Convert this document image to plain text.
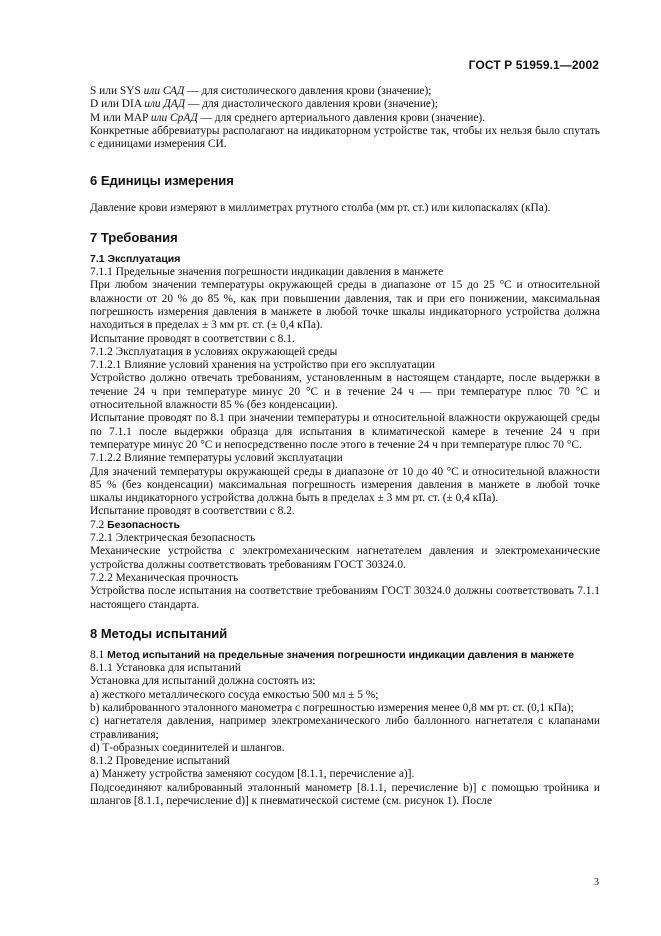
ГОСТ Р 51959.1—2002

S или SYS или САД — для систолического давления крови (значение);

D или DIA или ДАД — для диастолического давления крови (значение);

M или MAP или СрАД — для среднего артериального давления крови (значение).

Конкретные аббревиатуры располагают на индикаторном устройстве так, чтобы их нельзя было спутать с единицами измерения СИ.

6 Единицы измерения

Давление крови измеряют в миллиметрах ртутного столба (мм рт. ст.) или килопаскалях (кПа).

7 Требования

7.1 Эксплуатация

7.1.1 Предельные значения погрешности индикации давления в манжете

При любом значении температуры окружающей среды в диапазоне от 15 до 25 °С и относительной влажности от 20 % до 85 %, как при повышении давления, так и при его понижении, максимальная погрешность измерения давления в манжете в любой точке шкалы индикаторного устройства должна находиться в пределах ± 3 мм рт. ст. (± 0,4 кПа).

Испытание проводят в соответствии с 8.1.

7.1.2 Эксплуатация в условиях окружающей среды

7.1.2.1 Влияние условий хранения на устройство при его эксплуатации

Устройство должно отвечать требованиям, установленным в настоящем стандарте, после выдержки в течение 24 ч при температуре минус 20 °С и в течение 24 ч — при температуре плюс 70 °С и относительной влажности 85 % (без конденсации).

Испытание проводят по 8.1 при значении температуры и относительной влажности окружающей среды по 7.1.1 после выдержки образца для испытания в климатической камере в течение 24 ч при температуре минус 20 °С и непосредственно после этого в течение 24 ч при температуре плюс 70 °С.

7.1.2.2 Влияние температуры условий эксплуатации

Для значений температуры окружающей среды в диапазоне от 10 до 40 °С и относительной влажности 85 % (без конденсации) максимальная погрешность измерения давления в манжете в любой точке шкалы индикаторного устройства должна быть в пределах ± 3 мм рт. ст. (± 0,4 кПа).

Испытание проводят в соответствии с 8.2.

7.2 Безопасность

7.2.1 Электрическая безопасность

Механические устройства с электромеханическим нагнетателем давления и электромеханические устройства должны соответствовать требованиям ГОСТ 30324.0.

7.2.2 Механическая прочность

Устройства после испытания на соответствие требованиям ГОСТ 30324.0 должны соответствовать 7.1.1 настоящего стандарта.

8 Методы испытаний

8.1 Метод испытаний на предельные значения погрешности индикации давления в манжете

8.1.1 Установка для испытаний

Установка для испытаний должна состоять из:

a) жесткого металлического сосуда емкостью 500 мл ± 5 %;

b) калиброванного эталонного манометра с погрешностью измерения менее 0,8 мм рт. ст. (0,1 кПа);

c) нагнетателя давления, например электромеханического либо баллонного нагнетателя с клапанами стравливания;

d) Т-образных соединителей и шлангов.

8.1.2 Проведение испытаний

a) Манжету устройства заменяют сосудом [8.1.1, перечисление a)].

Подсоединяют калиброванный эталонный манометр [8.1.1, перечисление b)] с помощью тройника и шлангов [8.1.1, перечисление d)] к пневматической системе (см. рисунок 1). После

3
